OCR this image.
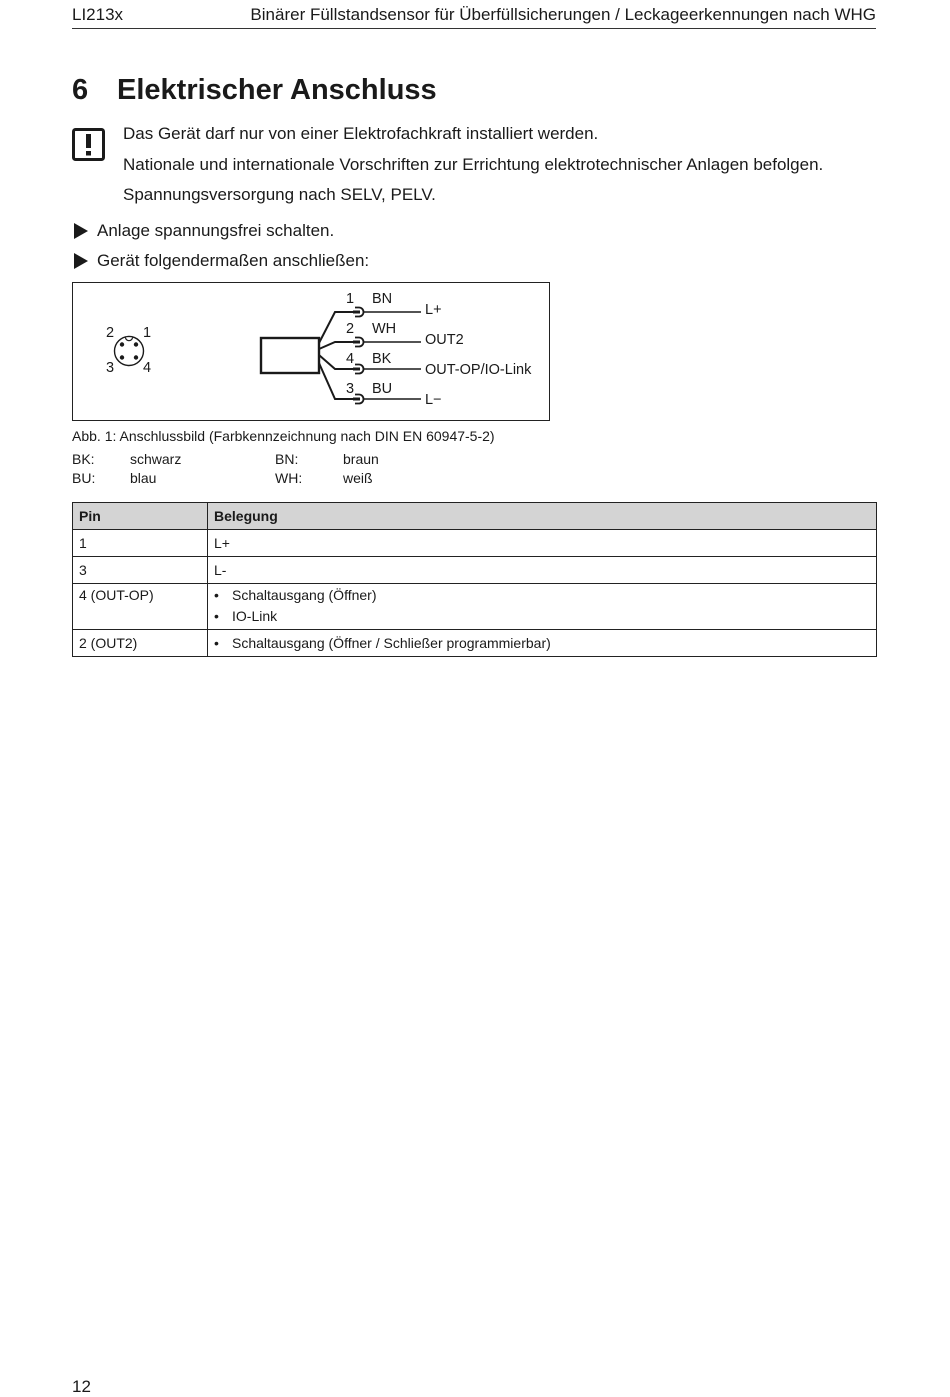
LI213x	Binärer Füllstandsensor für Überfüllsicherungen / Leckageerkennungen nach WHG
6 Elektrischer Anschluss
Das Gerät darf nur von einer Elektrofachkraft installiert werden.
Nationale und internationale Vorschriften zur Errichtung elektrotechnischer Anlagen befolgen.
Spannungsversorgung nach SELV, PELV.
Anlage spannungsfrei schalten.
Gerät folgendermaßen anschließen:
2 1
3 4
1
2
4
3
BN
WH
BK
BU
L+
OUT2
OUT-OP/IO-Link
L−
Abb. 1: Anschlussbild (Farbkennzeichnung nach DIN EN 60947-5-2)
BK:	schwarz	BN:	braun
BU: blau	WH:	weiß
Pin	Belegung
1	L+
3	L-
4 (OUT-OP)	• Schaltausgang (Öffner)
• IO-Link

2 (OUT2)	• Schaltausgang (Öffner / Schließer programmierbar)
12
